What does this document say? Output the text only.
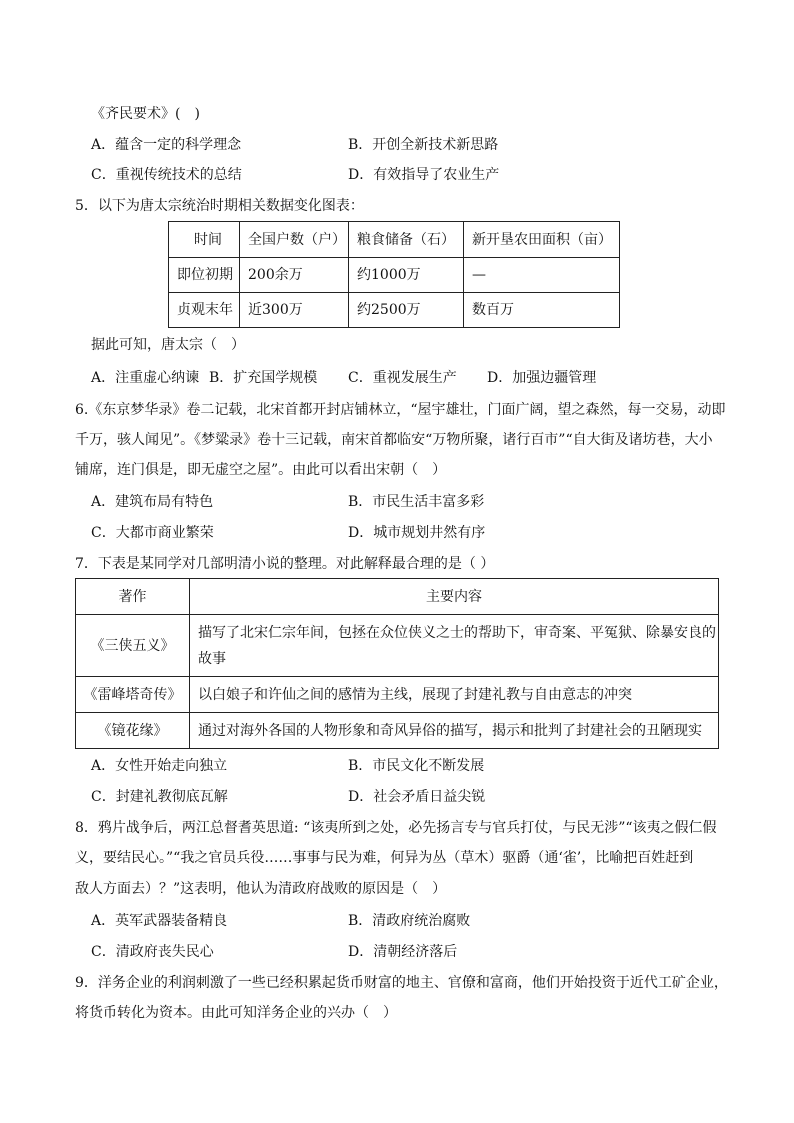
《齐民要术》(　)
A．蕴含一定的科学理念	B．开创全新技术新思路
C．重视传统技术的总结	D．有效指导了农业生产
5．以下为唐太宗统治时期相关数据变化图表：
时间	全国户数（户）	粮食储备（石）	新开垦农田面积（亩）
即位初期	200余万	约1000万	—
贞观末年	近300万	约2500万	数百万
据此可知，唐太宗（　）
A．注重虚心纳谏 B．扩充国学规模 C．重视发展生产 D．加强边疆管理
6.《东京梦华录》卷二记载，北宋首都开封店铺林立，“屋宇雄壮，门面广阔，望之森然，每一交易，动即
千万，骇人闻见”。《梦粱录》卷十三记载，南宋首都临安“万物所聚，诸行百市”“自大街及诸坊巷，大小
铺席，连门俱是，即无虚空之屋”。由此可以看出宋朝（　）
A．建筑布局有特色	B．市民生活丰富多彩
C．大都市商业繁荣	D．城市规划井然有序
7．下表是某同学对几部明清小说的整理。对此解释最合理的是（ ）
著作	主要内容
《三侠五义》	描写了北宋仁宗年间，包拯在众位侠义之士的帮助下，审奇案、平冤狱、除暴安良的
故事

《雷峰塔奇传》	以白娘子和许仙之间的感情为主线，展现了封建礼教与自由意志的冲突
《镜花缘》	通过对海外各国的人物形象和奇风异俗的描写，揭示和批判了封建社会的丑陋现实
A．女性开始走向独立	B．市民文化不断发展
C．封建礼教彻底瓦解	D．社会矛盾日益尖锐
8．鸦片战争后，两江总督耆英思道: “该夷所到之处，必先扬言专与官兵打仗，与民无涉”“该夷之假仁假
义，要结民心。”“我之官员兵役……事事与民为难，何异为丛（草木）驱爵（通‘雀’，比喻把百姓赶到
敌人方面去）？”这表明，他认为清政府战败的原因是（　）
A．英军武器装备精良	B．清政府统治腐败
C．清政府丧失民心	D．清朝经济落后
9．洋务企业的利润刺激了一些已经积累起货币财富的地主、官僚和富商，他们开始投资于近代工矿企业，
将货币转化为资本。由此可知洋务企业的兴办（　）
